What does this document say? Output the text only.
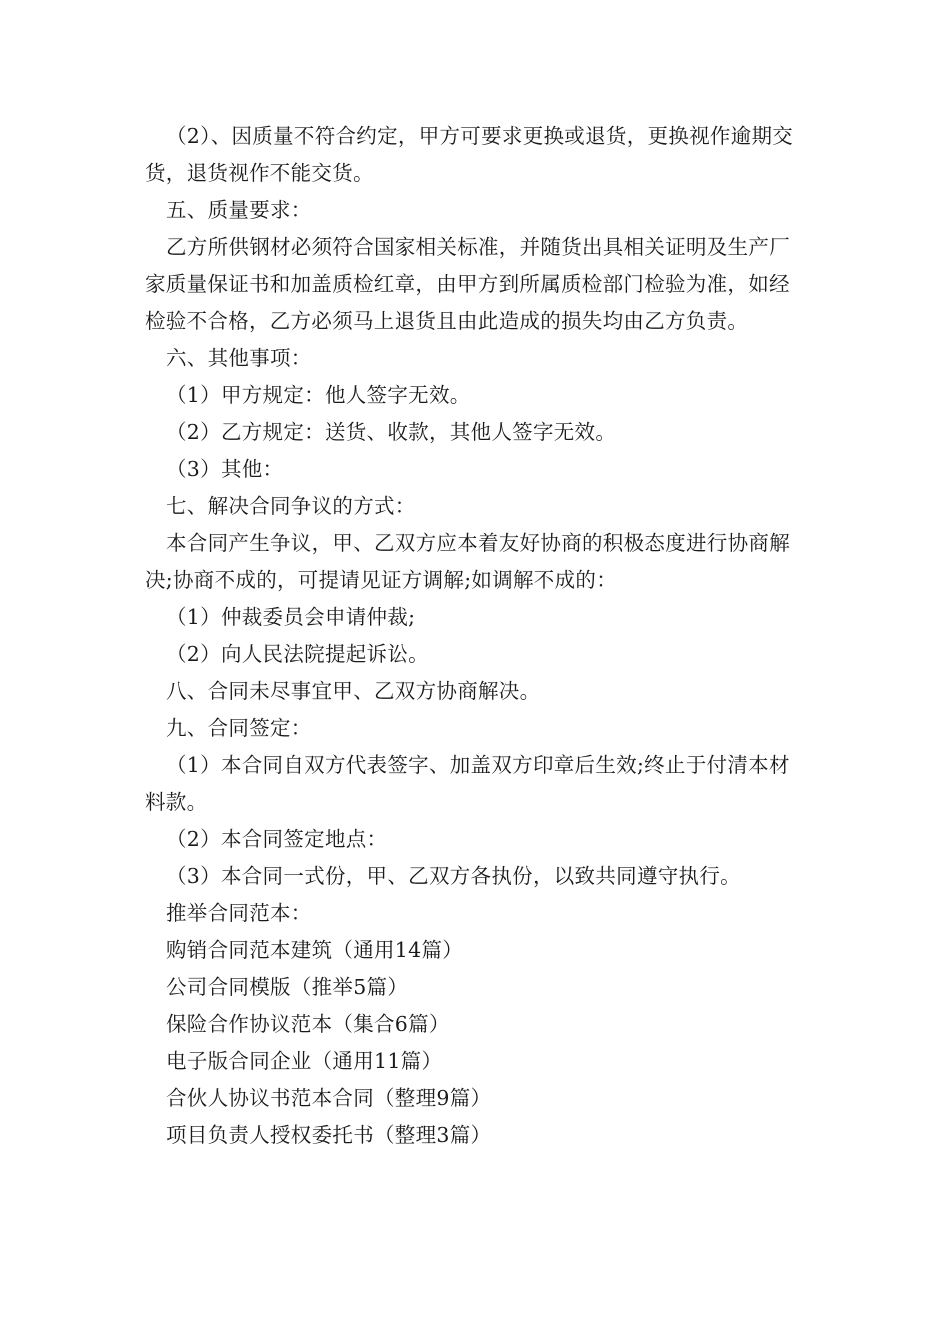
（2）、因质量不符合约定，甲方可要求更换或退货，更换视作逾期交货，退货视作不能交货。

五、质量要求：

乙方所供钢材必须符合国家相关标准，并随货出具相关证明及生产厂家质量保证书和加盖质检红章，由甲方到所属质检部门检验为准，如经检验不合格，乙方必须马上退货且由此造成的损失均由乙方负责。

六、其他事项：

（1）甲方规定：他人签字无效。

（2）乙方规定：送货、收款，其他人签字无效。

（3）其他：

七、解决合同争议的方式：

本合同产生争议，甲、乙双方应本着友好协商的积极态度进行协商解决;协商不成的，可提请见证方调解;如调解不成的：

（1）仲裁委员会申请仲裁;

（2）向人民法院提起诉讼。

八、合同未尽事宜甲、乙双方协商解决。

九、合同签定：

（1）本合同自双方代表签字、加盖双方印章后生效;终止于付清本材料款。

（2）本合同签定地点：

（3）本合同一式份，甲、乙双方各执份，以致共同遵守执行。

推举合同范本：

购销合同范本建筑（通用14篇）

公司合同模版（推举5篇）

保险合作协议范本（集合6篇）

电子版合同企业（通用11篇）

合伙人协议书范本合同（整理9篇）

项目负责人授权委托书（整理3篇）
